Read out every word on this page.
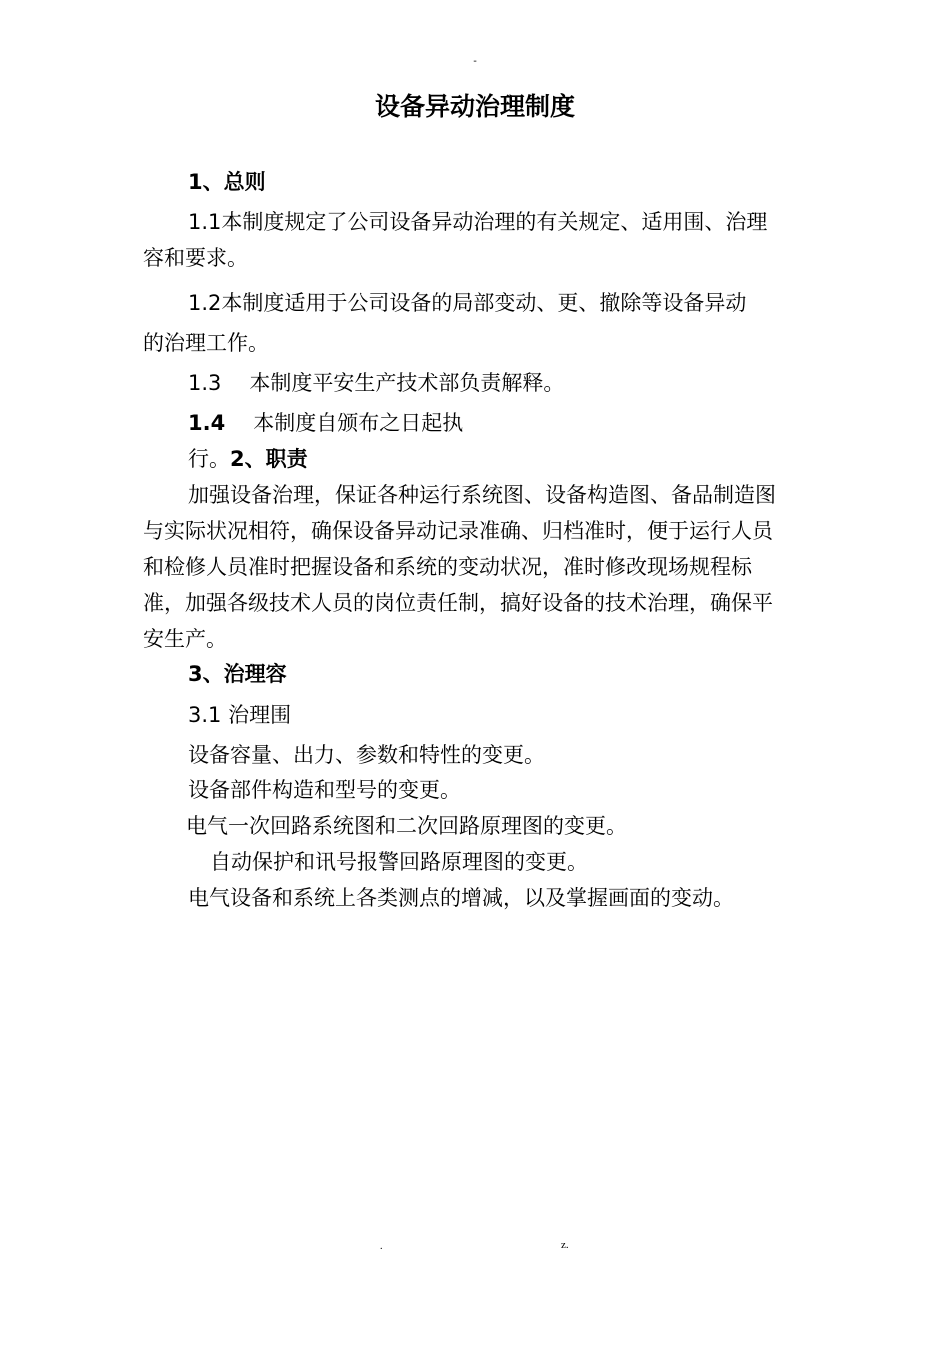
-
设备异动治理制度
1、总则
1.1本制度规定了公司设备异动治理的有关规定、适用围、治理
容和要求。
1.2本制度适用于公司设备的局部变动、更、撤除等设备异动
的治理工作。
1.3 本制度平安生产技术部负责解释。
1.4 本制度自颁布之日起执
行。2、职责
加强设备治理，保证各种运行系统图、设备构造图、备品制造图
与实际状况相符，确保设备异动记录准确、归档准时，便于运行人员
和检修人员准时把握设备和系统的变动状况，准时修改现场规程标
准，加强各级技术人员的岗位责任制，搞好设备的技术治理，确保平
安生产。
3、治理容
3.1 治理围
设备容量、出力、参数和特性的变更。
设备部件构造和型号的变更。
电气一次回路系统图和二次回路原理图的变更。
自动保护和讯号报警回路原理图的变更。
电气设备和系统上各类测点的增减，以及掌握画面的变动。
.	z.
